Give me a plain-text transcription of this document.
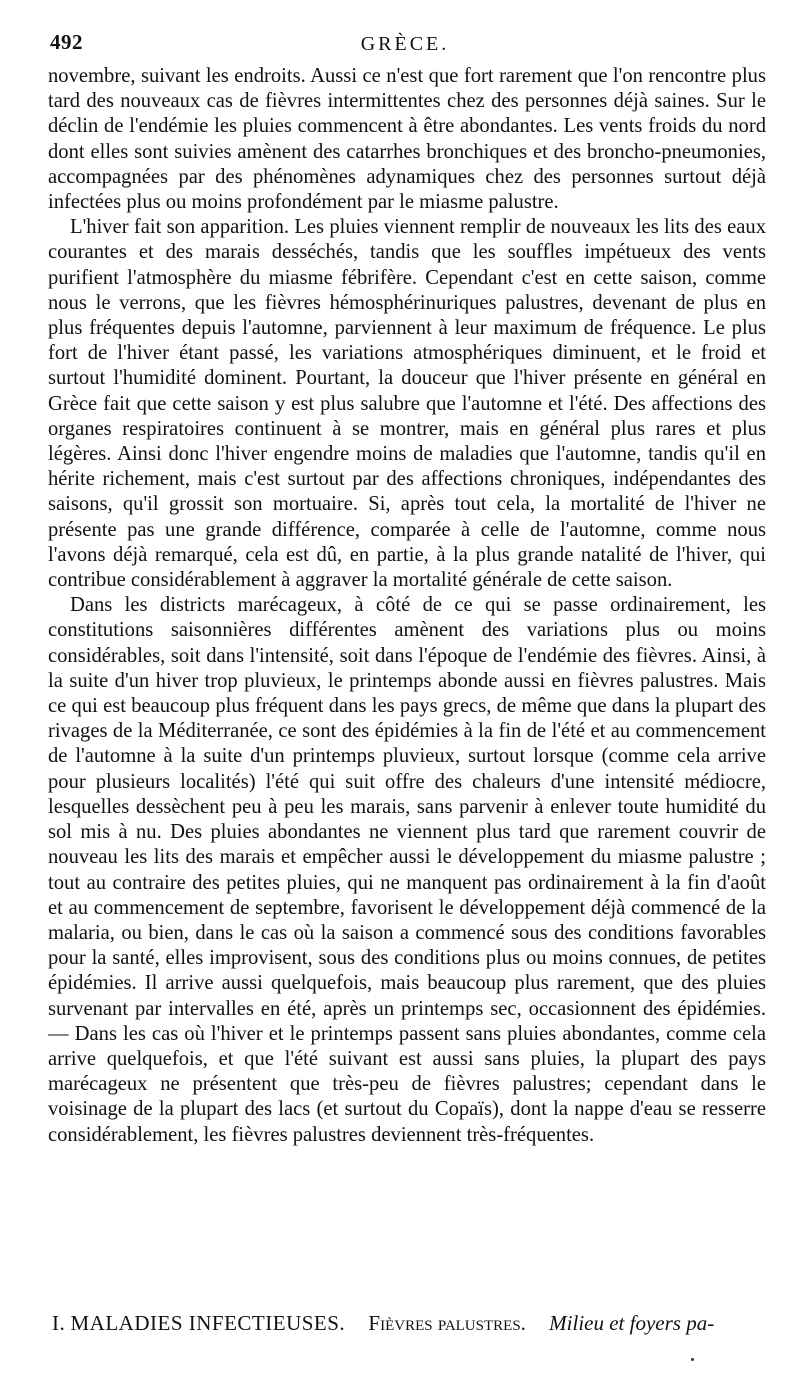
492	GRÈCE.

novembre, suivant les endroits. Aussi ce n'est que fort rarement que l'on rencontre plus tard des nouveaux cas de fièvres intermittentes chez des personnes déjà saines. Sur le déclin de l'endémie les pluies commencent à être abondantes. Les vents froids du nord dont elles sont suivies amènent des catarrhes bronchiques et des broncho-pneumonies, accompagnées par des phénomènes adynamiques chez des personnes surtout déjà infectées plus ou moins profondément par le miasme palustre.

L'hiver fait son apparition. Les pluies viennent remplir de nouveaux les lits des eaux courantes et des marais desséchés, tandis que les souffles impétueux des vents purifient l'atmosphère du miasme fébrifère. Cependant c'est en cette saison, comme nous le verrons, que les fièvres hémosphérinuriques palustres, devenant de plus en plus fréquentes depuis l'automne, parviennent à leur maximum de fréquence. Le plus fort de l'hiver étant passé, les variations atmosphériques diminuent, et le froid et surtout l'humidité dominent. Pourtant, la douceur que l'hiver présente en général en Grèce fait que cette saison y est plus salubre que l'automne et l'été. Des affections des organes respiratoires continuent à se montrer, mais en général plus rares et plus légères. Ainsi donc l'hiver engendre moins de maladies que l'automne, tandis qu'il en hérite richement, mais c'est surtout par des affections chroniques, indépendantes des saisons, qu'il grossit son mortuaire. Si, après tout cela, la mortalité de l'hiver ne présente pas une grande différence, comparée à celle de l'automne, comme nous l'avons déjà remarqué, cela est dû, en partie, à la plus grande natalité de l'hiver, qui contribue considérablement à aggraver la mortalité générale de cette saison.

Dans les districts marécageux, à côté de ce qui se passe ordinairement, les constitutions saisonnières différentes amènent des variations plus ou moins considérables, soit dans l'intensité, soit dans l'époque de l'endémie des fièvres. Ainsi, à la suite d'un hiver trop pluvieux, le printemps abonde aussi en fièvres palustres. Mais ce qui est beaucoup plus fréquent dans les pays grecs, de même que dans la plupart des rivages de la Méditerranée, ce sont des épidémies à la fin de l'été et au commencement de l'automne à la suite d'un printemps pluvieux, surtout lorsque (comme cela arrive pour plusieurs localités) l'été qui suit offre des chaleurs d'une intensité médiocre, lesquelles dessèchent peu à peu les marais, sans parvenir à enlever toute humidité du sol mis à nu. Des pluies abondantes ne viennent plus tard que rarement couvrir de nouveau les lits des marais et empêcher aussi le développement du miasme palustre ; tout au contraire des petites pluies, qui ne manquent pas ordinairement à la fin d'août et au commencement de septembre, favorisent le développement déjà commencé de la malaria, ou bien, dans le cas où la saison a commencé sous des conditions favorables pour la santé, elles improvisent, sous des conditions plus ou moins connues, de petites épidémies. Il arrive aussi quelquefois, mais beaucoup plus rarement, que des pluies survenant par intervalles en été, après un printemps sec, occasionnent des épidémies. — Dans les cas où l'hiver et le printemps passent sans pluies abondantes, comme cela arrive quelquefois, et que l'été suivant est aussi sans pluies, la plupart des pays marécageux ne présentent que très-peu de fièvres palustres; cependant dans le voisinage de la plupart des lacs (et surtout du Copaïs), dont la nappe d'eau se resserre considérablement, les fièvres palustres deviennent très-fréquentes.

I. MALADIES INFECTIEUSES. Fièvres palustres. Milieu et foyers pa-
